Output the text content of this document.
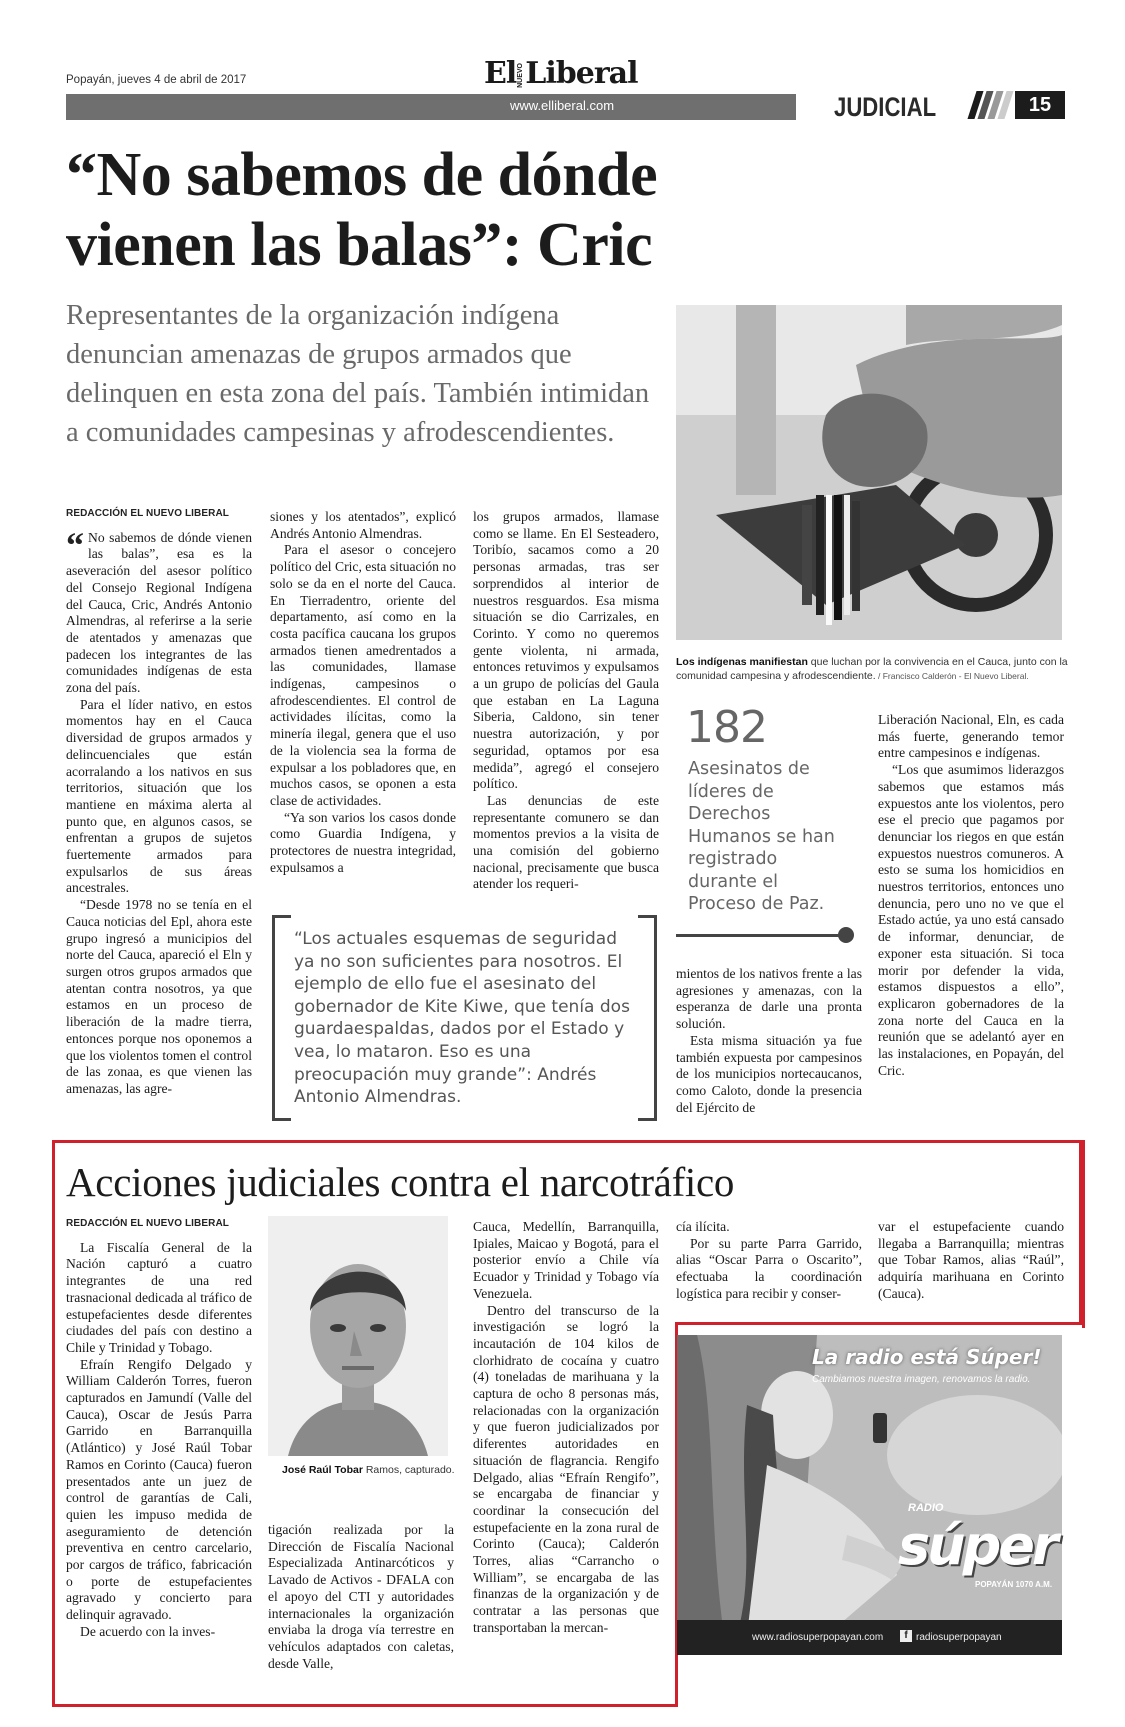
Popayán, jueves 4 de abril de 2017	ElNUEVOLiberal
www.elliberal.com	JUDICIAL	15
“No sabemos de dónde vienen las balas”: Cric
Representantes de la organización indígena denuncian amenazas de grupos armados que delinquen en esta zona del país. También intimidan a comunidades campesinas y afrodescendientes.
Los indígenas manifiestan que luchan por la convivencia en el Cauca, junto con la comunidad campesina y afrodescendiente. / Francisco Calderón - El Nuevo Liberal.
REDACCIÓN EL NUEVO LIBERAL

“ No sabemos de dónde vienen las balas”, esa es la aseveración del asesor político del Consejo Regional Indígena del Cauca, Cric, Andrés Antonio Almendras, al referirse a la serie de atentados y amenazas que padecen los integrantes de las comunidades indígenas de esta zona del país.

Para el líder nativo, en estos momentos hay en el Cauca diversidad de grupos armados y delincuenciales que están acorralando a los nativos en sus territorios, situación que los mantiene en máxima alerta al punto que, en algunos casos, se enfrentan a grupos de sujetos fuertemente armados para expulsarlos de sus áreas ancestrales.

“Desde 1978 no se tenía en el Cauca noticias del Epl, ahora este grupo ingresó a municipios del norte del Cauca, apareció el Eln y surgen otros grupos armados que atentan contra nosotros, ya que estamos en un proceso de liberación de la madre tierra, entonces porque nos oponemos a que los violentos tomen el control de las zonaa, es que vienen las amenazas, las agre-

siones y los atentados”, explicó Andrés Antonio Almendras.

Para el asesor o concejero político del Cric, esta situación no solo se da en el norte del Cauca. En Tierradentro, oriente del departamento, así como en la costa pacífica caucana los grupos armados tienen amedrentados a las comunidades, llamase indígenas, campesinos o afrodescendientes. El control de actividades ilícitas, como la minería ilegal, genera que el uso de la violencia sea la forma de expulsar a los pobladores que, en muchos casos, se oponen a esta clase de actividades.

“Ya son varios los casos donde como Guardia Indígena, y protectores de nuestra integridad, expulsamos a

los grupos armados, llamase como se llame. En El Sesteadero, Toribío, sacamos como a 20 personas armadas, tras ser sorprendidos al interior de nuestros resguardos. Esa misma situación se dio Carrizales, en Corinto. Y como no queremos gente violenta, ni armada, entonces retuvimos y expulsamos a un grupo de policías del Gaula que estaban en La Laguna Siberia, Caldono, sin tener nuestra autorización, y por seguridad, optamos por esa medida”, agregó el consejero político.

Las denuncias de este representante comunero se dan momentos previos a la visita de una comisión del gobierno nacional, precisamente que busca atender los requeri-

“Los actuales esquemas de seguridad ya no son suficientes para nosotros. El ejemplo de ello fue el asesinato del gobernador de Kite Kiwe, que tenía dos guardaespaldas, dados por el Estado y vea, lo mataron. Eso es una preocupación muy grande”: Andrés Antonio Almendras.
182
Asesinatos de líderes de Derechos Humanos se han registrado durante el Proceso de Paz.

mientos de los nativos frente a las agresiones y amenazas, con la esperanza de darle una pronta solución.

Esta misma situación ya fue también expuesta por campesinos de los municipios nortecaucanos, como Caloto, donde la presencia del Ejército de

Liberación Nacional, Eln, es cada más fuerte, generando temor entre campesinos e indígenas.

“Los que asumimos liderazgos sabemos que estamos más expuestos ante los violentos, pero ese el precio que pagamos por denunciar los riegos en que están expuestos nuestros comuneros. A esto se suma los homicidios en nuestros territorios, entonces uno denuncia, pero uno no ve que el Estado actúe, ya uno está cansado de informar, denunciar, de exponer esta situación. Si toca morir por defender la vida, estamos dispuestos a ello”, explicaron gobernadores de la zona norte del Cauca en la reunión que se adelantó ayer en las instalaciones, en Popayán, del Cric.

Acciones judiciales contra el narcotráfico
REDACCIÓN EL NUEVO LIBERAL

La Fiscalía General de la Nación capturó a cuatro integrantes de una red trasnacional dedicada al tráfico de estupefacientes desde diferentes ciudades del país con destino a Chile y Trinidad y Tobago.

Efraín Rengifo Delgado y William Calderón Torres, fueron capturados en Jamundí (Valle del Cauca), Oscar de Jesús Parra Garrido en Barranquilla (Atlántico) y José Raúl Tobar Ramos en Corinto (Cauca) fueron presentados ante un juez de control de garantías de Cali, quien les impuso medida de aseguramiento de detención preventiva en centro carcelario, por cargos de tráfico, fabricación o porte de estupefacientes agravado y concierto para delinquir agravado.

De acuerdo con la inves-

José Raúl Tobar Ramos, capturado.

tigación realizada por la Dirección de Fiscalía Nacional Especializada Antinarcóticos y Lavado de Activos - DFALA con el apoyo del CTI y autoridades internacionales la organización enviaba la droga vía terrestre en vehículos adaptados con caletas, desde Valle,

Cauca, Medellín, Barranquilla, Ipiales, Maicao y Bogotá, para el posterior envío a Chile vía Ecuador y Trinidad y Tobago vía Venezuela.

Dentro del transcurso de la investigación se logró la incautación de 104 kilos de clorhidrato de cocaína y cuatro (4) toneladas de marihuana y la captura de ocho 8 personas más, relacionadas con la organización y que fueron judicializados por diferentes autoridades en situación de flagrancia. Rengifo Delgado, alias “Efraín Rengifo”, se encargaba de financiar y coordinar la consecución del estupefaciente en la zona rural de Corinto (Cauca); Calderón Torres, alias “Carrancho o William”, se encargaba de las finanzas de la organización y de contratar a las personas que transportaban la mercan-

cía ilícita.

Por su parte Parra Garrido, alias “Oscar Parra o Oscarito”, efectuaba la coordinación logística para recibir y conser-

var el estupefaciente cuando llegaba a Barranquilla; mientras que Tobar Ramos, alias “Raúl”, adquiría marihuana en Corinto (Cauca).

La radio está Súper!
Cambiamos nuestra imagen, renovamos la radio.
RADIO
súper
POPAYÁN 1070 A.M.
www.radiosuperpopayan.com	f radiosuperpopayan
